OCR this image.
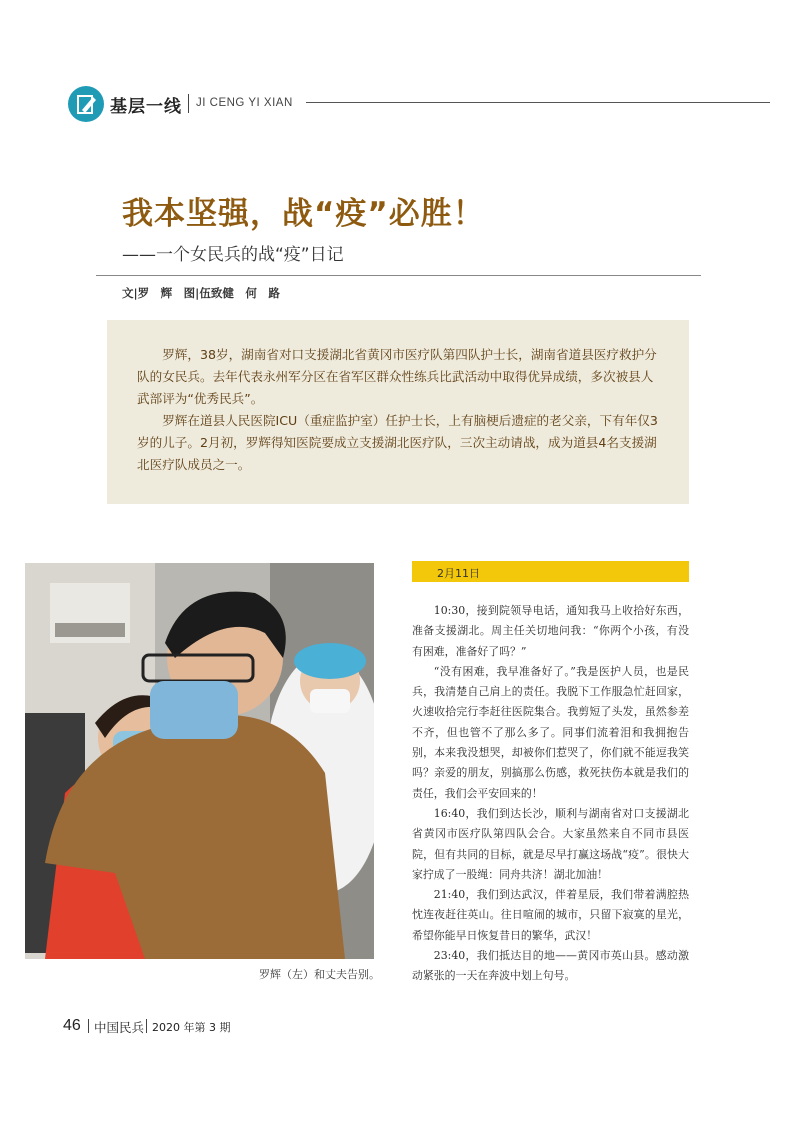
基层一线 JI CENG YI XIAN
我本坚强，战“疫”必胜！
——一个女民兵的战“疫”日记
文|罗　辉　图|伍致健　何　路

罗辉，38岁，湖南省对口支援湖北省黄冈市医疗队第四队护士长，湖南省道县医疗救护分队的女民兵。去年代表永州军分区在省军区群众性练兵比武活动中取得优异成绩，多次被县人武部评为“优秀民兵”。

罗辉在道县人民医院ICU（重症监护室）任护士长，上有脑梗后遗症的老父亲，下有年仅3岁的儿子。2月初，罗辉得知医院要成立支援湖北医疗队，三次主动请战，成为道县4名支援湖北医疗队成员之一。

罗辉（左）和丈夫告别。
2月11日

10:30，接到院领导电话，通知我马上收拾好东西，准备支援湖北。周主任关切地问我：“你两个小孩，有没有困难，准备好了吗？”

“没有困难，我早准备好了。”我是医护人员，也是民兵，我清楚自己肩上的责任。我脱下工作服急忙赶回家，火速收拾完行李赶往医院集合。我剪短了头发，虽然参差不齐，但也管不了那么多了。同事们流着泪和我拥抱告别，本来我没想哭，却被你们惹哭了，你们就不能逗我笑吗？亲爱的朋友，别搞那么伤感，救死扶伤本就是我们的责任，我们会平安回来的！

16:40，我们到达长沙，顺利与湖南省对口支援湖北省黄冈市医疗队第四队会合。大家虽然来自不同市县医院，但有共同的目标，就是尽早打赢这场战“疫”。很快大家拧成了一股绳：同舟共济！湖北加油！

21:40，我们到达武汉，伴着星辰，我们带着满腔热忱连夜赶往英山。往日喧闹的城市，只留下寂寞的星光，希望你能早日恢复昔日的繁华，武汉！

23:40，我们抵达目的地——黄冈市英山县。感动激动紧张的一天在奔波中划上句号。

46 中国民兵 2020 年第 3 期
